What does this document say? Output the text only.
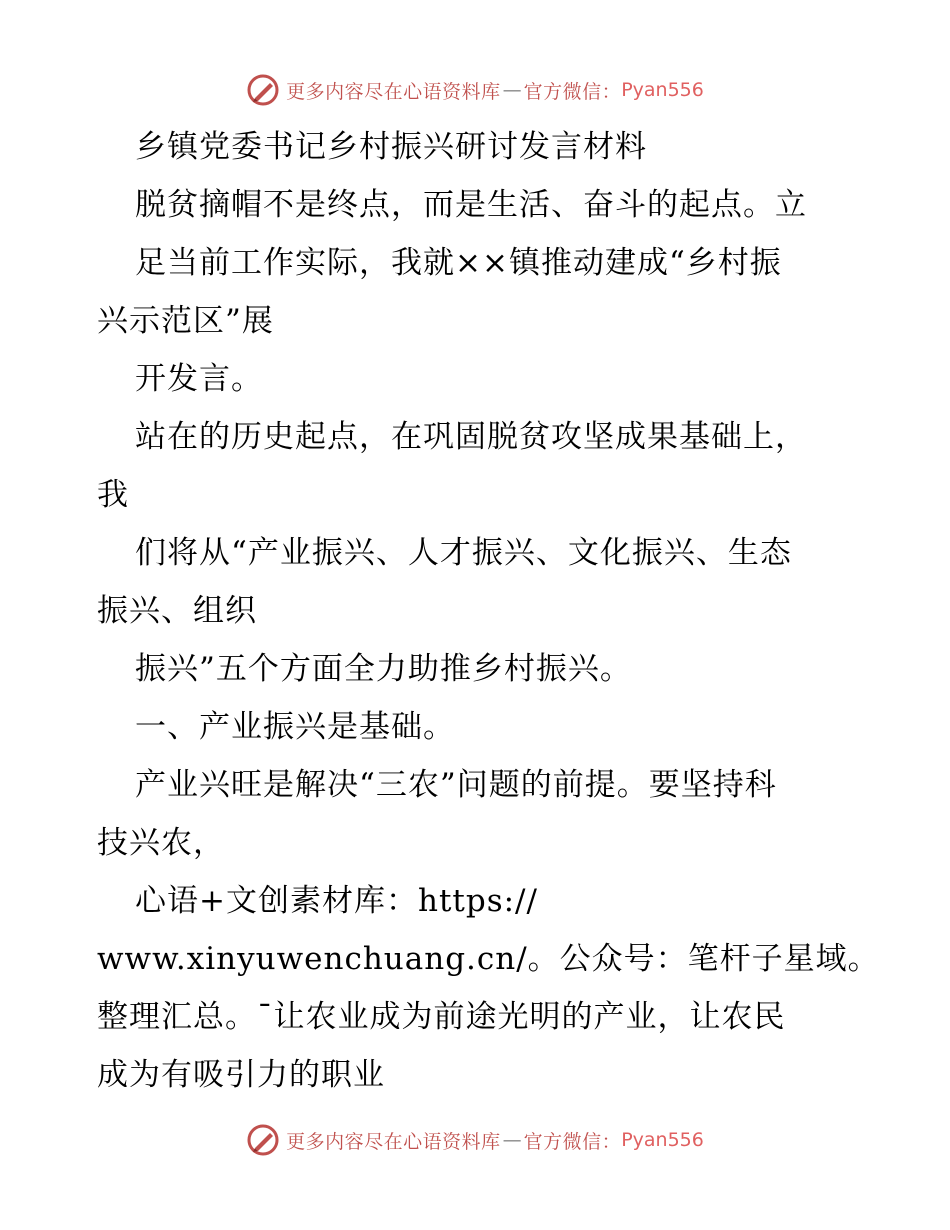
更多内容尽在心语资料库 — 官方微信： Pyan556
乡镇党委书记乡村振兴研讨发言材料
脱贫摘帽不是终点，而是生活、奋斗的起点。立
足当前工作实际，我就××镇推动建成“乡村振
兴示范区”展
开发言。
站在的历史起点，在巩固脱贫攻坚成果基础上，
我
们将从“产业振兴、人才振兴、文化振兴、生态
振兴、组织
振兴”五个方面全力助推乡村振兴。
一、产业振兴是基础。
产业兴旺是解决“三农”问题的前提。要坚持科
技兴农，
心语+文创素材库：https://
www.xinyuwenchuang.cn/。公众号：笔杆子星域。
整理汇总。¯让农业成为前途光明的产业，让农民
成为有吸引力的职业
更多内容尽在心语资料库 — 官方微信： Pyan556
